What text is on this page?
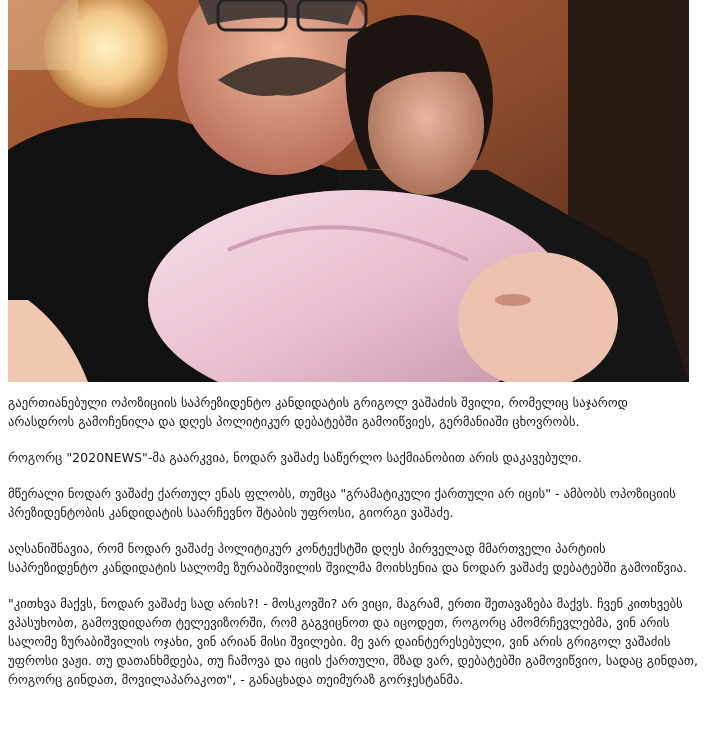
გაერთიანებული ოპოზიციის საპრეზიდენტო კანდიდატის გრიგოლ ვაშაძის შვილი, რომელიც საჯაროდ არასდროს გამოჩენილა და დღეს პოლიტიკურ დებატებში გამოიწვიეს, გერმანიაში ცხოვრობს.

როგორც "2020NEWS"-მა გაარკვია, ნოდარ ვაშაძე საწერლო საქმიანობით არის დაკავებული.

მწერალი ნოდარ ვაშაძე ქართულ ენას ფლობს, თუმცა "გრამატიკული ქართული არ იცის" - ამბობს ოპოზიციის პრეზიდენტობის კანდიდატის საარჩევნო შტაბის უფროსი, გიორგი ვაშაძე.

აღსანიშნავია, რომ ნოდარ ვაშაძე პოლიტიკურ კონტექსტში დღეს პირველად მმართველი პარტიის საპრეზიდენტო კანდიდატის სალომე ზურაბიშვილის შვილმა მოიხსენია და ნოდარ ვაშაძე დებატებში გამოიწვია.

"კითხვა მაქვს, ნოდარ ვაშაძე სად არის?! - მოსკოვში? არ ვიცი, მაგრამ, ერთი შეთავაზება მაქვს. ჩვენ კითხვებს ვპასუხობთ, გამოვდიდართ ტელევიზორში, რომ გაგვიცნოთ და იცოდეთ, როგორც ამომრჩევლებმა, ვინ არის სალომე ზურაბიშვილის ოჯახი, ვინ არიან მისი შვილები. მე ვარ დაინტერესებული, ვინ არის გრიგოლ ვაშაძის უფროსი ვაჟი. თუ დათანხმდება, თუ ჩამოვა და იცის ქართული, მზად ვარ, დებატებში გამოვიწვიო, სადაც გინდათ, როგორც გინდათ, მოვილაპარაკოთ", - განაცხადა თეიმურაზ გორჯესტანმა.
